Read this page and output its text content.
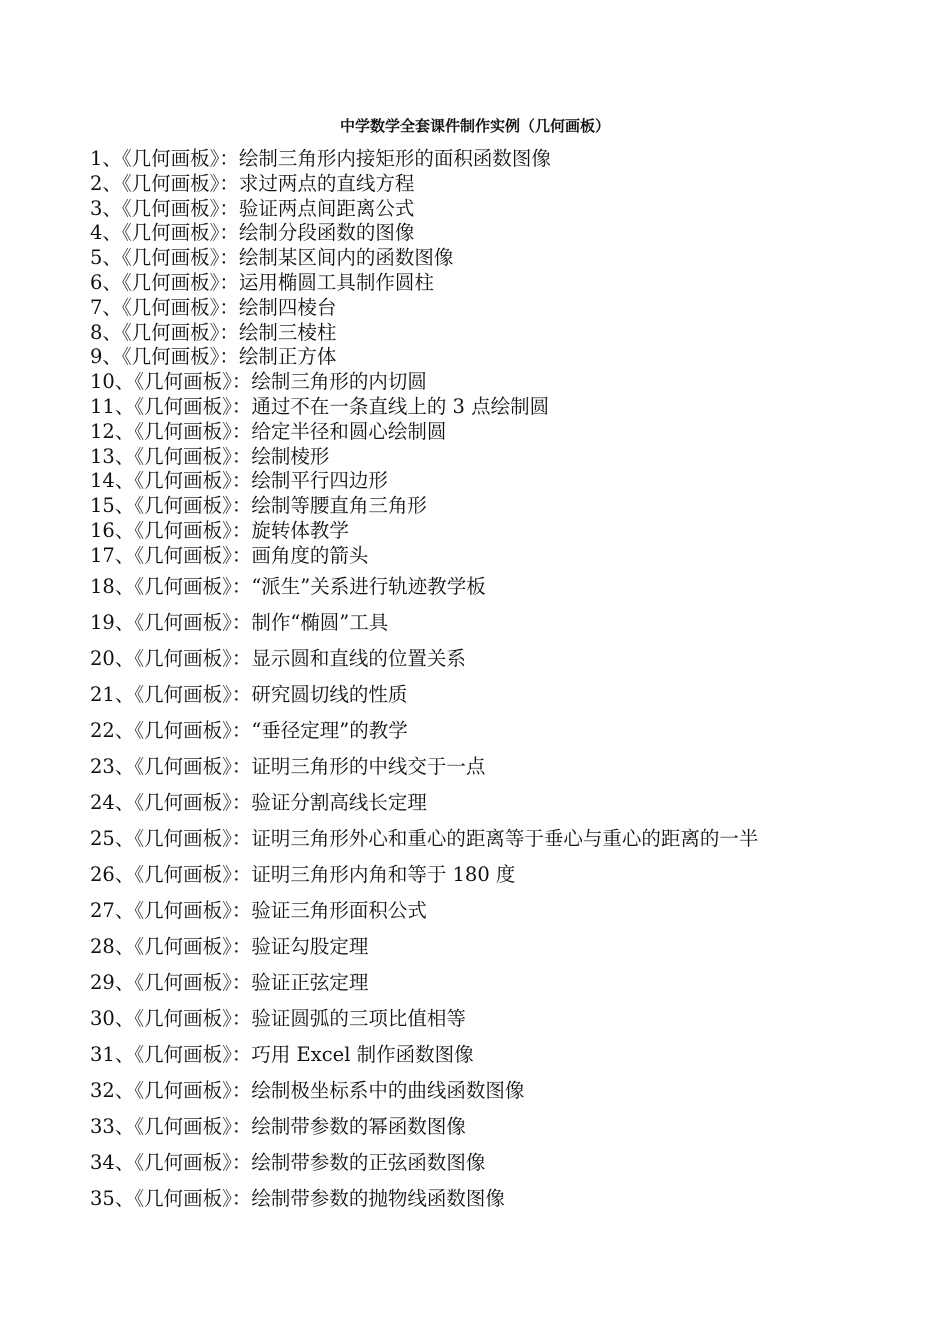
中学数学全套课件制作实例（几何画板）
1、《几何画板》：绘制三角形内接矩形的面积函数图像
2、《几何画板》：求过两点的直线方程
3、《几何画板》：验证两点间距离公式
4、《几何画板》：绘制分段函数的图像
5、《几何画板》：绘制某区间内的函数图像
6、《几何画板》：运用椭圆工具制作圆柱
7、《几何画板》：绘制四棱台
8、《几何画板》：绘制三棱柱
9、《几何画板》：绘制正方体
10、《几何画板》：绘制三角形的内切圆
11、《几何画板》：通过不在一条直线上的 3 点绘制圆
12、《几何画板》：给定半径和圆心绘制圆
13、《几何画板》：绘制棱形
14、《几何画板》：绘制平行四边形
15、《几何画板》：绘制等腰直角三角形
16、《几何画板》：旋转体教学
17、《几何画板》：画角度的箭头
18、《几何画板》：“派生”关系进行轨迹教学板
19、《几何画板》：制作“椭圆”工具
20、《几何画板》：显示圆和直线的位置关系
21、《几何画板》：研究圆切线的性质
22、《几何画板》：“垂径定理”的教学
23、《几何画板》：证明三角形的中线交于一点
24、《几何画板》：验证分割高线长定理
25、《几何画板》：证明三角形外心和重心的距离等于垂心与重心的距离的一半
26、《几何画板》：证明三角形内角和等于 180 度
27、《几何画板》：验证三角形面积公式
28、《几何画板》：验证勾股定理
29、《几何画板》：验证正弦定理
30、《几何画板》：验证圆弧的三项比值相等
31、《几何画板》：巧用 Excel 制作函数图像
32、《几何画板》：绘制极坐标系中的曲线函数图像
33、《几何画板》：绘制带参数的幂函数图像
34、《几何画板》：绘制带参数的正弦函数图像
35、《几何画板》：绘制带参数的抛物线函数图像
